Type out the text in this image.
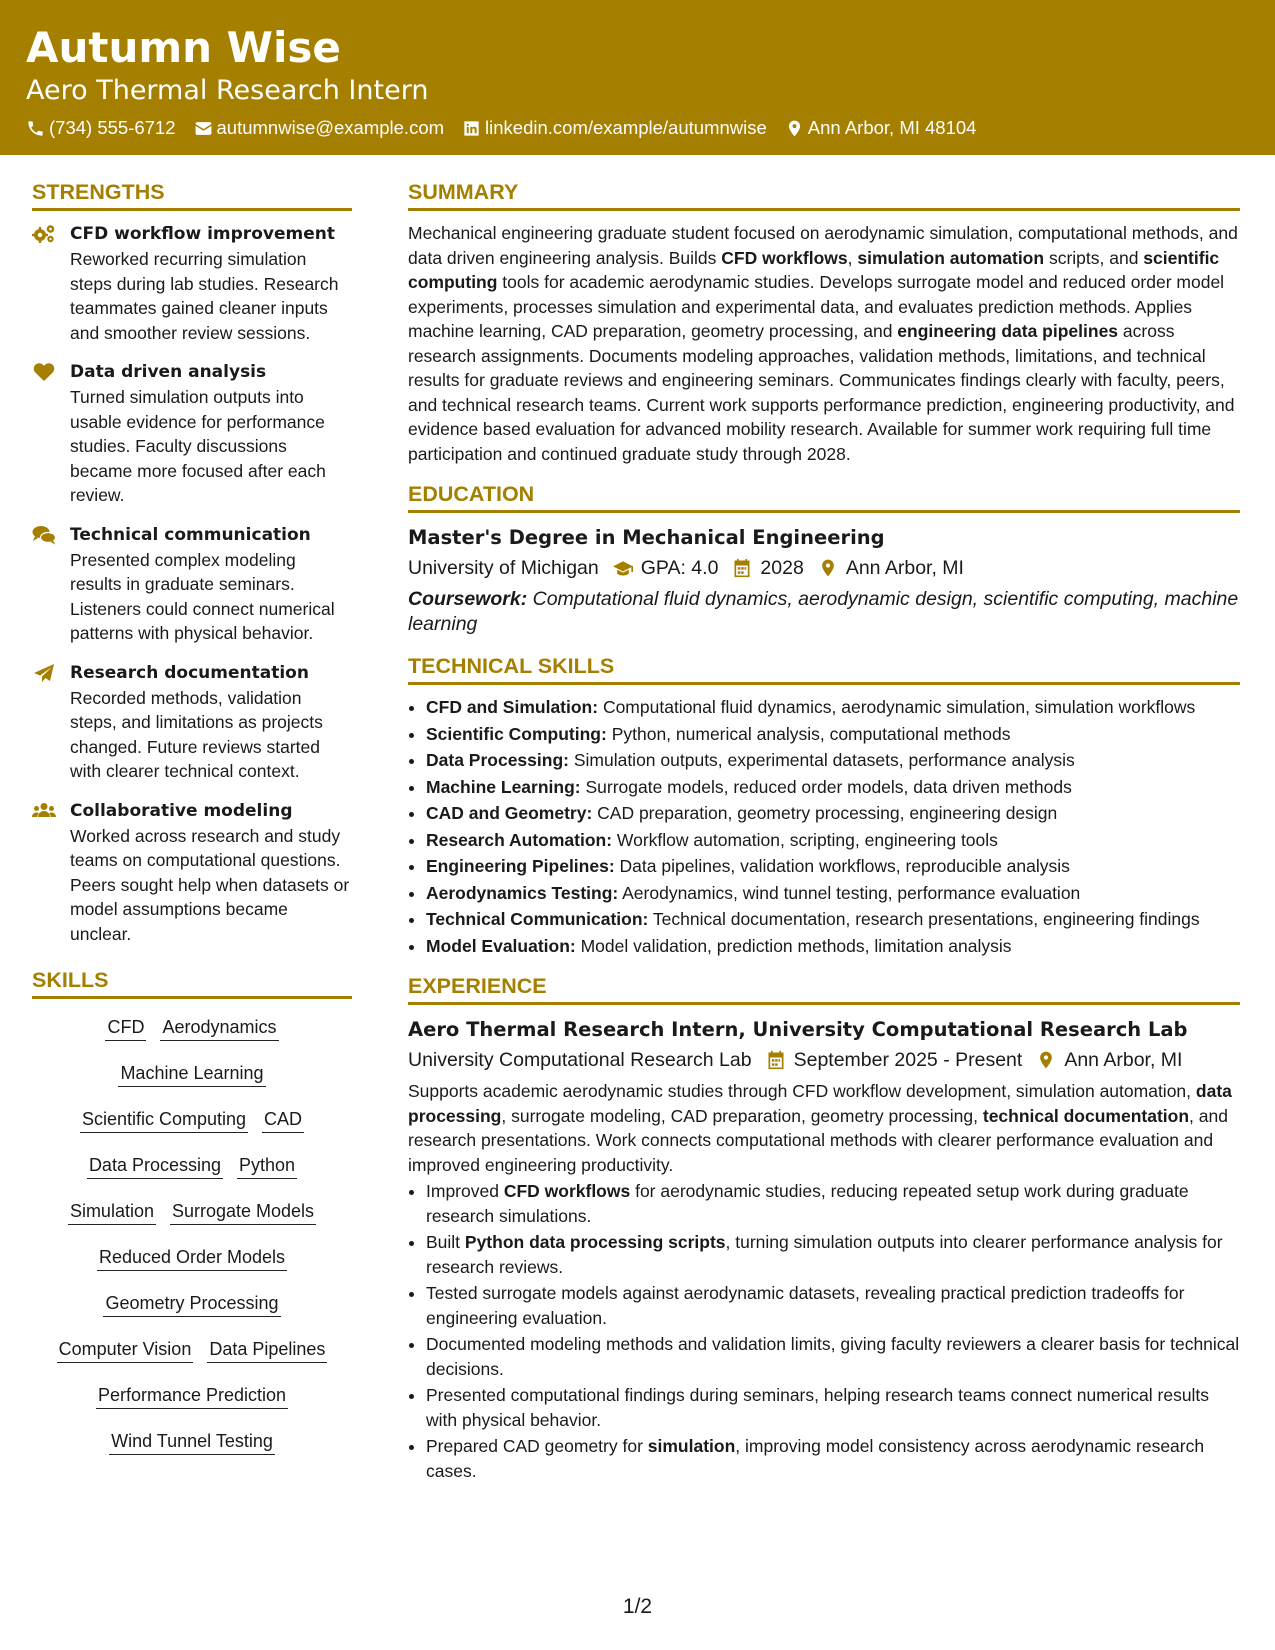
Autumn Wise
Aero Thermal Research Intern
(734) 555-6712 autumnwise@example.com linkedin.com/example/autumnwise Ann Arbor, MI 48104
STRENGTHS
CFD workflow improvement
Reworked recurring simulation steps during lab studies. Research teammates gained cleaner inputs and smoother review sessions.
Data driven analysis
Turned simulation outputs into usable evidence for performance studies. Faculty discussions became more focused after each review.
Technical communication
Presented complex modeling results in graduate seminars. Listeners could connect numerical patterns with physical behavior.
Research documentation
Recorded methods, validation steps, and limitations as projects changed. Future reviews started with clearer technical context.
Collaborative modeling
Worked across research and study teams on computational questions. Peers sought help when datasets or model assumptions became unclear.
SKILLS
CFD Aerodynamics
Machine Learning
Scientific Computing CAD
Data Processing Python
Simulation Surrogate Models
Reduced Order Models
Geometry Processing
Computer Vision Data Pipelines
Performance Prediction
Wind Tunnel Testing
SUMMARY

Mechanical engineering graduate student focused on aerodynamic simulation, computational methods, and data driven engineering analysis. Builds CFD workflows, simulation automation scripts, and scientific computing tools for academic aerodynamic studies. Develops surrogate model and reduced order model experiments, processes simulation and experimental data, and evaluates prediction methods. Applies machine learning, CAD preparation, geometry processing, and engineering data pipelines across research assignments. Documents modeling approaches, validation methods, limitations, and technical results for graduate reviews and engineering seminars. Communicates findings clearly with faculty, peers, and technical research teams. Current work supports performance prediction, engineering productivity, and evidence based evaluation for advanced mobility research. Available for summer work requiring full time participation and continued graduate study through 2028.

EDUCATION
Master's Degree in Mechanical Engineering
University of Michigan GPA: 4.0 2028 Ann Arbor, MI
Coursework: Computational fluid dynamics, aerodynamic design, scientific computing, machine learning
TECHNICAL SKILLS
• CFD and Simulation: Computational fluid dynamics, aerodynamic simulation, simulation workflows
• Scientific Computing: Python, numerical analysis, computational methods
• Data Processing: Simulation outputs, experimental datasets, performance analysis
• Machine Learning: Surrogate models, reduced order models, data driven methods
• CAD and Geometry: CAD preparation, geometry processing, engineering design
• Research Automation: Workflow automation, scripting, engineering tools
• Engineering Pipelines: Data pipelines, validation workflows, reproducible analysis
• Aerodynamics Testing: Aerodynamics, wind tunnel testing, performance evaluation
• Technical Communication: Technical documentation, research presentations, engineering findings
• Model Evaluation: Model validation, prediction methods, limitation analysis
EXPERIENCE
Aero Thermal Research Intern, University Computational Research Lab
University Computational Research Lab September 2025 - Present Ann Arbor, MI

Supports academic aerodynamic studies through CFD workflow development, simulation automation, data processing, surrogate modeling, CAD preparation, geometry processing, technical documentation, and research presentations. Work connects computational methods with clearer performance evaluation and improved engineering productivity.

• Improved CFD workflows for aerodynamic studies, reducing repeated setup work during graduate research simulations.
• Built Python data processing scripts, turning simulation outputs into clearer performance analysis for research reviews.
• Tested surrogate models against aerodynamic datasets, revealing practical prediction tradeoffs for engineering evaluation.
• Documented modeling methods and validation limits, giving faculty reviewers a clearer basis for technical decisions.
• Presented computational findings during seminars, helping research teams connect numerical results with physical behavior.
• Prepared CAD geometry for simulation, improving model consistency across aerodynamic research cases.
1/2
